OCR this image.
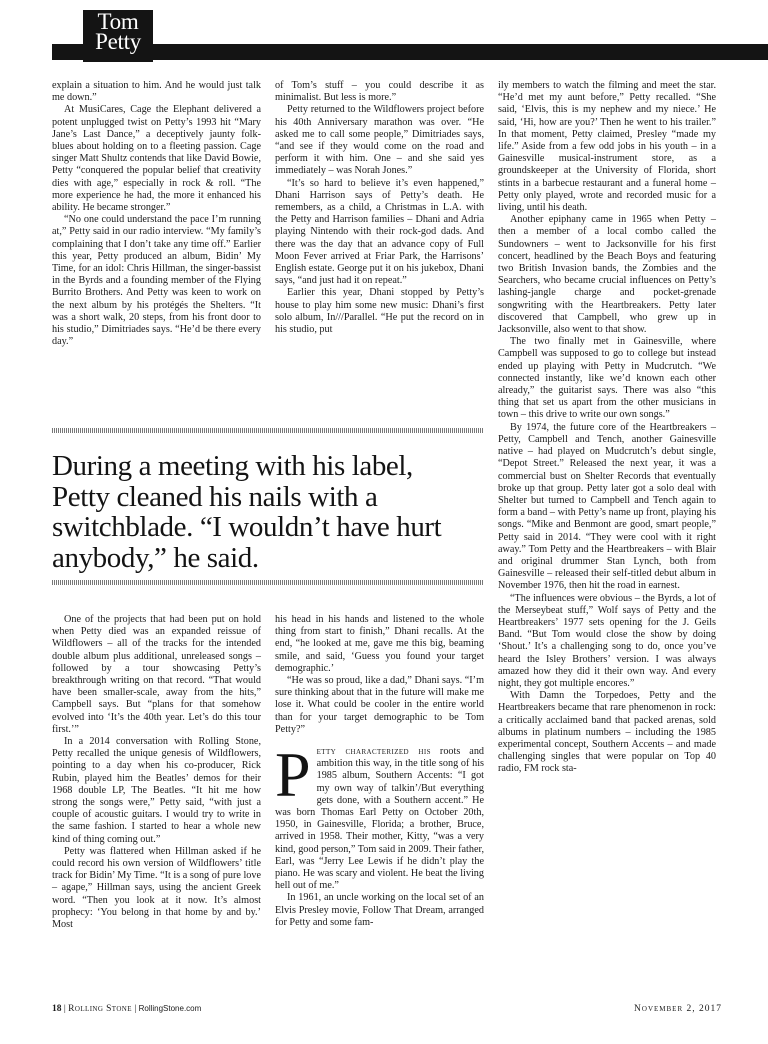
Tom
Petty

explain a situation to him. And he would just talk me down.”

At MusiCares, Cage the Elephant delivered a potent unplugged twist on Petty’s 1993 hit “Mary Jane’s Last Dance,” a deceptively jaunty folk-blues about holding on to a fleeting passion. Cage singer Matt Shultz contends that like David Bowie, Petty “conquered the popular belief that creativity dies with age,” especially in rock & roll. “The more experience he had, the more it enhanced his ability. He became stronger.”

“No one could understand the pace I’m running at,” Petty said in our radio interview. “My family’s complaining that I don’t take any time off.” Earlier this year, Petty produced an album, Bidin’ My Time, for an idol: Chris Hillman, the singer-bassist in the Byrds and a founding member of the Flying Burrito Brothers. And Petty was keen to work on the next album by his protégés the Shelters. “It was a short walk, 20 steps, from his front door to his studio,” Dimitriades says. “He’d be there every day.”

of Tom’s stuff – you could describe it as minimalist. But less is more.”

Petty returned to the Wildflowers project before his 40th Anniversary marathon was over. “He asked me to call some people,” Dimitriades says, “and see if they would come on the road and perform it with him. One – and she said yes immediately – was Norah Jones.”

“It’s so hard to believe it’s even happened,” Dhani Harrison says of Petty’s death. He remembers, as a child, a Christmas in L.A. with the Petty and Harrison families – Dhani and Adria playing Nintendo with their rock-god dads. And there was the day that an advance copy of Full Moon Fever arrived at Friar Park, the Harrisons’ English estate. George put it on his jukebox, Dhani says, “and just had it on repeat.”

Earlier this year, Dhani stopped by Petty’s house to play him some new music: Dhani’s first solo album, In///Parallel. “He put the record on in his studio, put

During a meeting with his label, Petty cleaned his nails with a switchblade. “I wouldn’t have hurt anybody,” he said.

One of the projects that had been put on hold when Petty died was an expanded reissue of Wildflowers – all of the tracks for the intended double album plus additional, unreleased songs – followed by a tour showcasing Petty’s breakthrough writing on that record. “That would have been smaller-scale, away from the hits,” Campbell says. But “plans for that somehow evolved into ‘It’s the 40th year. Let’s do this tour first.’”

In a 2014 conversation with Rolling Stone, Petty recalled the unique genesis of Wildflowers, pointing to a day when his co-producer, Rick Rubin, played him the Beatles’ demos for their 1968 double LP, The Beatles. “It hit me how strong the songs were,” Petty said, “with just a couple of acoustic guitars. I would try to write in the same fashion. I started to hear a whole new kind of thing coming out.”

Petty was flattered when Hillman asked if he could record his own version of Wildflowers’ title track for Bidin’ My Time. “It is a song of pure love – agape,” Hillman says, using the ancient Greek word. “Then you look at it now. It’s almost prophecy: ‘You belong in that home by and by.’ Most

his head in his hands and listened to the whole thing from start to finish,” Dhani recalls. At the end, “he looked at me, gave me this big, beaming smile, and said, ‘Guess you found your target demographic.’

“He was so proud, like a dad,” Dhani says. “I’m sure thinking about that in the future will make me lose it. What could be cooler in the entire world than for your target demographic to be Tom Petty?”

Petty characterized his roots and ambition this way, in the title song of his 1985 album, Southern Accents: “I got my own way of talkin’/But everything gets done, with a Southern accent.” He was born Thomas Earl Petty on October 20th, 1950, in Gainesville, Florida; a brother, Bruce, arrived in 1958. Their mother, Kitty, “was a very kind, good person,” Tom said in 2009. Their father, Earl, was “Jerry Lee Lewis if he didn’t play the piano. He was scary and violent. He beat the living hell out of me.”

In 1961, an uncle working on the local set of an Elvis Presley movie, Follow That Dream, arranged for Petty and some fam-

ily members to watch the filming and meet the star. “He’d met my aunt before,” Petty recalled. “She said, ‘Elvis, this is my nephew and my niece.’ He said, ‘Hi, how are you?’ Then he went to his trailer.” In that moment, Petty claimed, Presley “made my life.” Aside from a few odd jobs in his youth – in a Gainesville musical-instrument store, as a groundskeeper at the University of Florida, short stints in a barbecue restaurant and a funeral home – Petty only played, wrote and recorded music for a living, until his death.

Another epiphany came in 1965 when Petty – then a member of a local combo called the Sundowners – went to Jacksonville for his first concert, headlined by the Beach Boys and featuring two British Invasion bands, the Zombies and the Searchers, who became crucial influences on Petty’s lashing-jangle charge and pocket-grenade songwriting with the Heartbreakers. Petty later discovered that Campbell, who grew up in Jacksonville, also went to that show.

The two finally met in Gainesville, where Campbell was supposed to go to college but instead ended up playing with Petty in Mudcrutch. “We connected instantly, like we’d known each other already,” the guitarist says. There was also “this thing that set us apart from the other musicians in town – this drive to write our own songs.”

By 1974, the future core of the Heartbreakers – Petty, Campbell and Tench, another Gainesville native – had played on Mudcrutch’s debut single, “Depot Street.” Released the next year, it was a commercial bust on Shelter Records that eventually broke up that group. Petty later got a solo deal with Shelter but turned to Campbell and Tench again to form a band – with Petty’s name up front, playing his songs. “Mike and Benmont are good, smart people,” Petty said in 2014. “They were cool with it right away.” Tom Petty and the Heartbreakers – with Blair and original drummer Stan Lynch, both from Gainesville – released their self-titled debut album in November 1976, then hit the road in earnest.

“The influences were obvious – the Byrds, a lot of the Merseybeat stuff,” Wolf says of Petty and the Heartbreakers’ 1977 sets opening for the J. Geils Band. “But Tom would close the show by doing ‘Shout.’ It’s a challenging song to do, once you’ve heard the Isley Brothers’ version. I was always amazed how they did it their own way. And every night, they got multiple encores.”

With Damn the Torpedoes, Petty and the Heartbreakers became that rare phenomenon in rock: a critically acclaimed band that packed arenas, sold albums in platinum numbers – including the 1985 experimental concept, Southern Accents – and made challenging singles that were popular on Top 40 radio, FM rock sta-

18 | Rolling Stone | RollingStone.com	November 2, 2017
